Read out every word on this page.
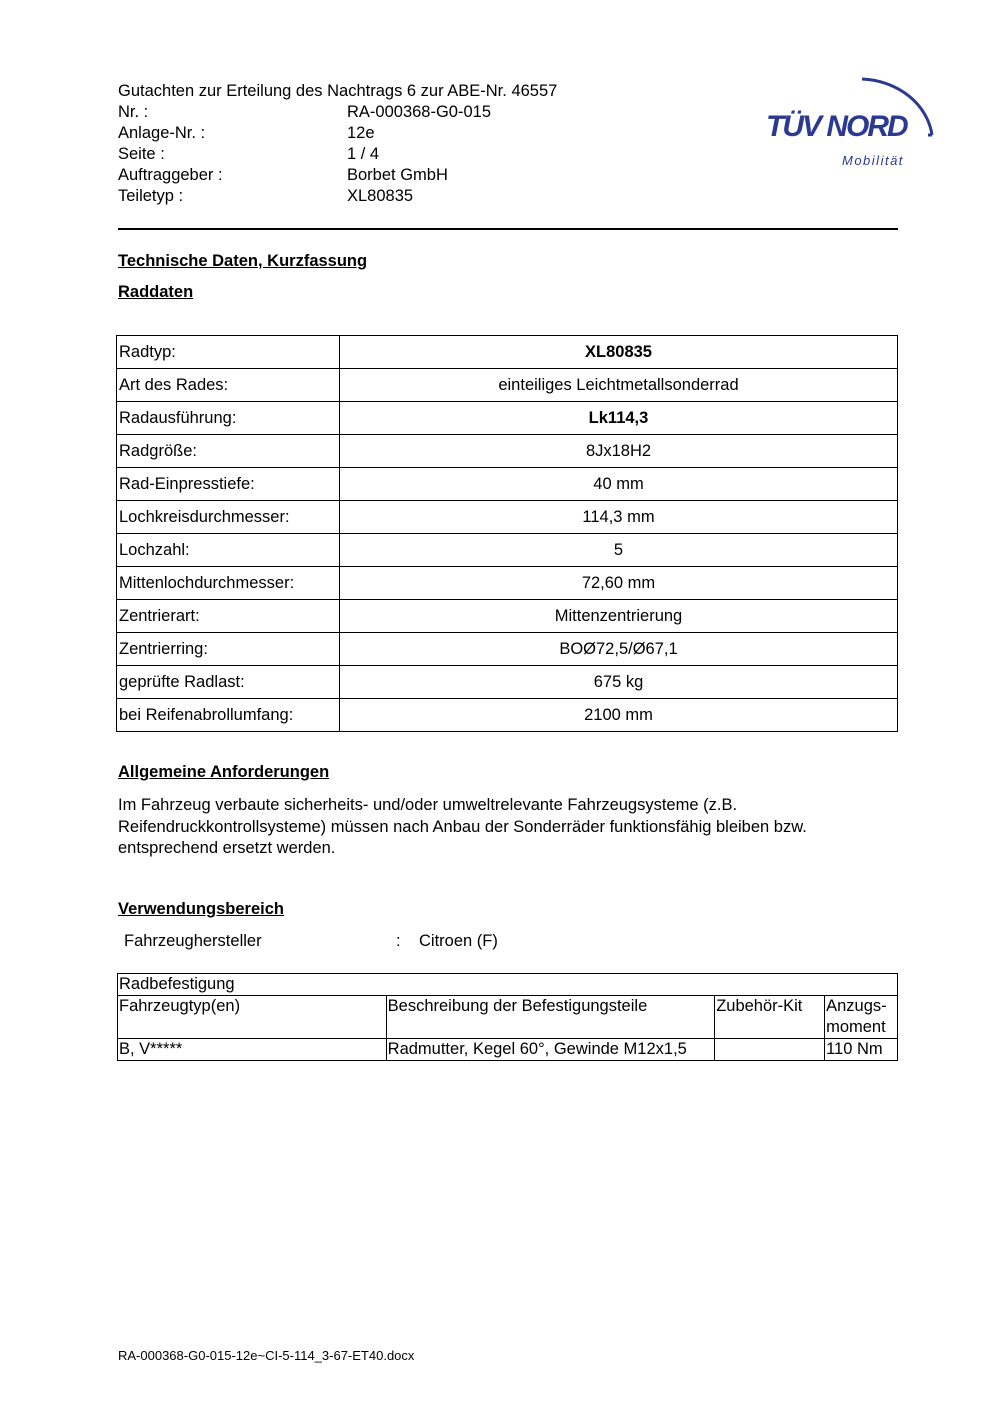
Gutachten zur Erteilung des Nachtrags 6 zur ABE-Nr. 46557
Nr. :	RA-000368-G0-015
Anlage-Nr. :	12e
Seite :	1 / 4
Auftraggeber :	Borbet GmbH
Teiletyp :	XL80835
TÜV NORD
Mobilität
Technische Daten, Kurzfassung
Raddaten
Radtyp:	XL80835
Art des Rades:	einteiliges Leichtmetallsonderrad
Radausführung:	Lk114,3
Radgröße:	8Jx18H2
Rad-Einpresstiefe:	40 mm
Lochkreisdurchmesser:	114,3 mm
Lochzahl:	5
Mittenlochdurchmesser:	72,60 mm
Zentrierart:	Mittenzentrierung
Zentrierring:	BOØ72,5/Ø67,1
geprüfte Radlast:	675 kg
bei Reifenabrollumfang:	2100 mm
Allgemeine Anforderungen
Im Fahrzeug verbaute sicherheits- und/oder umweltrelevante Fahrzeugsysteme (z.B. Reifendruckkontrollsysteme) müssen nach Anbau der Sonderräder funktionsfähig bleiben bzw. entsprechend ersetzt werden.
Verwendungsbereich
Fahrzeughersteller	:	Citroen (F)
Radbefestigung			
Fahrzeugtyp(en)	Beschreibung der Befestigungsteile	Zubehör-Kit	Anzugs-moment
B, V*****	Radmutter, Kegel 60°, Gewinde M12x1,5		110 Nm
RA-000368-G0-015-12e~CI-5-114_3-67-ET40.docx
